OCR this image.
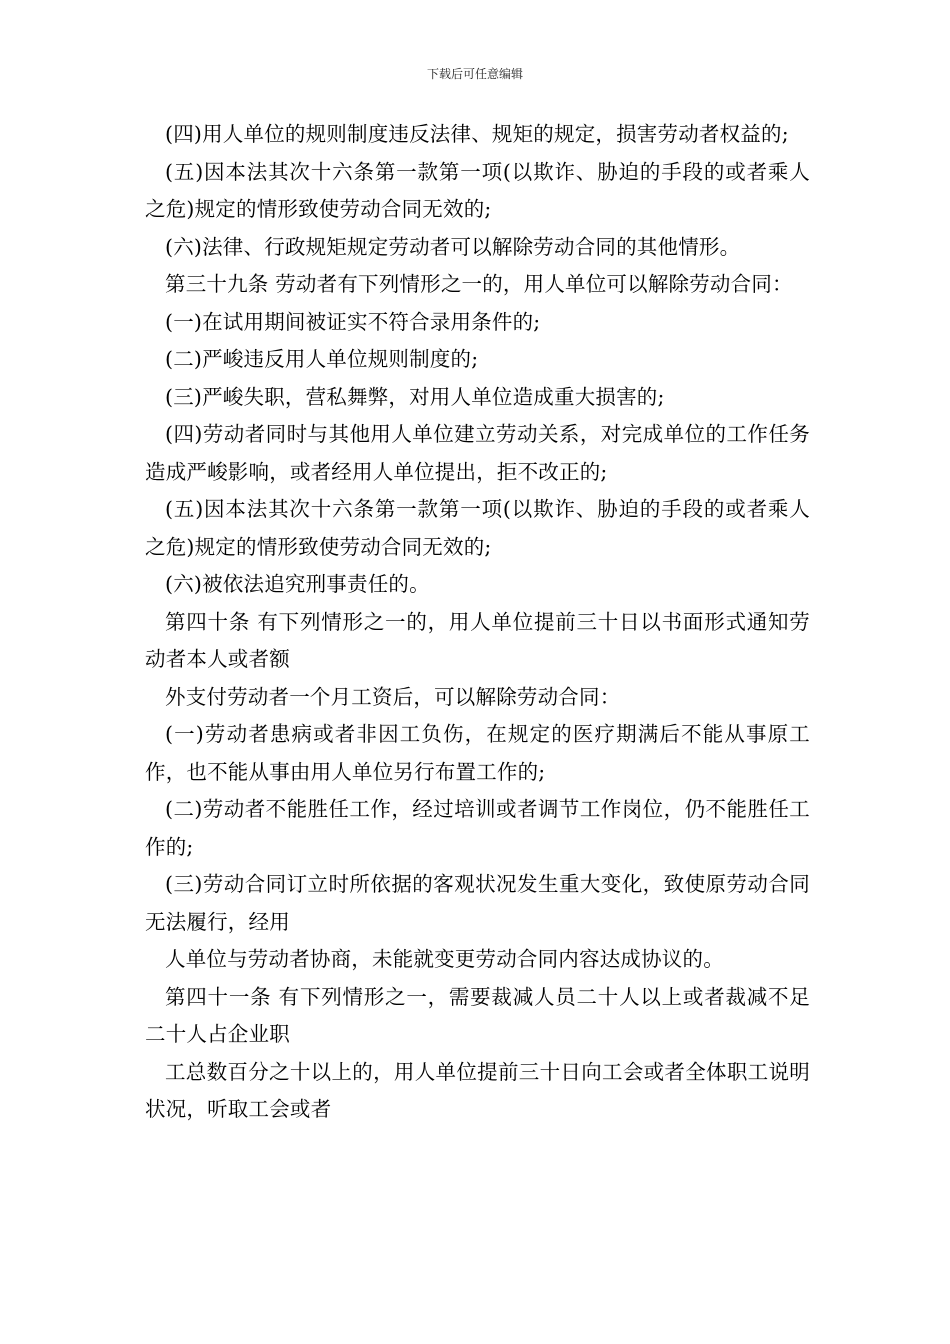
下载后可任意编辑

(四)用人单位的规则制度违反法律、规矩的规定，损害劳动者权益的;

(五)因本法其次十六条第一款第一项(以欺诈、胁迫的手段的或者乘人之危)规定的情形致使劳动合同无效的;

(六)法律、行政规矩规定劳动者可以解除劳动合同的其他情形。

第三十九条 劳动者有下列情形之一的，用人单位可以解除劳动合同：

(一)在试用期间被证实不符合录用条件的;

(二)严峻违反用人单位规则制度的;

(三)严峻失职，营私舞弊，对用人单位造成重大损害的;

(四)劳动者同时与其他用人单位建立劳动关系，对完成单位的工作任务造成严峻影响，或者经用人单位提出，拒不改正的;

(五)因本法其次十六条第一款第一项(以欺诈、胁迫的手段的或者乘人之危)规定的情形致使劳动合同无效的;

(六)被依法追究刑事责任的。

第四十条 有下列情形之一的，用人单位提前三十日以书面形式通知劳动者本人或者额

外支付劳动者一个月工资后，可以解除劳动合同：

(一)劳动者患病或者非因工负伤，在规定的医疗期满后不能从事原工作，也不能从事由用人单位另行布置工作的;

(二)劳动者不能胜任工作，经过培训或者调节工作岗位，仍不能胜任工作的;

(三)劳动合同订立时所依据的客观状况发生重大变化，致使原劳动合同无法履行，经用

人单位与劳动者协商，未能就变更劳动合同内容达成协议的。

第四十一条 有下列情形之一，需要裁减人员二十人以上或者裁减不足二十人占企业职

工总数百分之十以上的，用人单位提前三十日向工会或者全体职工说明状况，听取工会或者
